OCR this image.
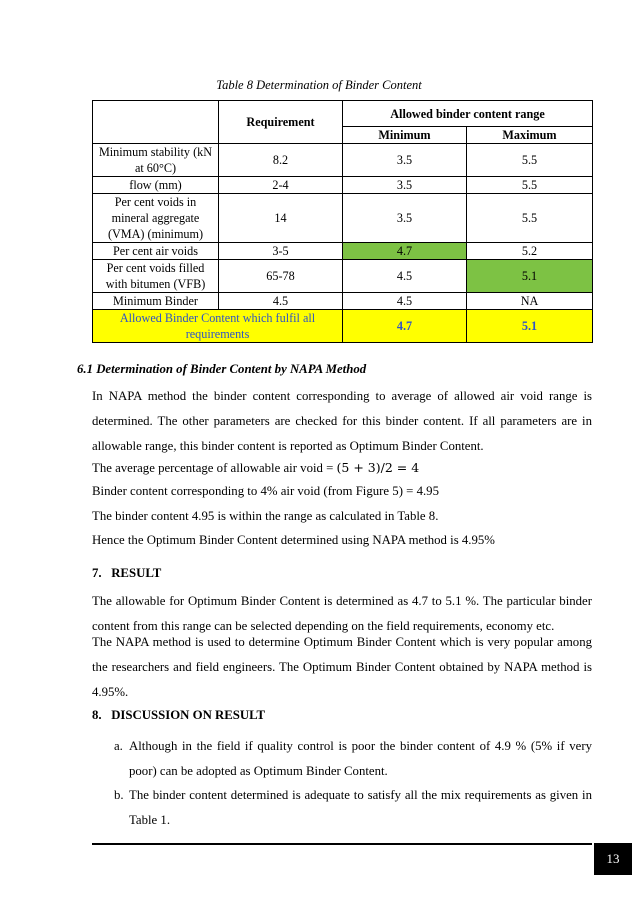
Table 8 Determination of Binder Content
	Requirement	Allowed binder content range	
		Minimum	Maximum
Minimum stability (kN at 60°C)	8.2	3.5	5.5
flow (mm)	2-4	3.5	5.5
Per cent voids in mineral aggregate (VMA) (minimum)	14	3.5	5.5
Per cent air voids	3-5	4.7	5.2
Per cent voids filled with bitumen (VFB)	65-78	4.5	5.1
Minimum Binder	4.5	4.5	NA
Allowed Binder Content which fulfil all requirements		4.7	5.1
6.1 Determination of Binder Content by NAPA Method
In NAPA method the binder content corresponding to average of allowed air void range is determined. The other parameters are checked for this binder content. If all parameters are in allowable range, this binder content is reported as Optimum Binder Content.
The average percentage of allowable air void = (5 + 3)/2 = 4
Binder content corresponding to 4% air void (from Figure 5) = 4.95
The binder content 4.95 is within the range as calculated in Table 8.
Hence the Optimum Binder Content determined using NAPA method is 4.95%
7.   RESULT
The allowable for Optimum Binder Content is determined as 4.7 to 5.1 %. The particular binder content from this range can be selected depending on the field requirements, economy etc.
The NAPA method is used to determine Optimum Binder Content which is very popular among the researchers and field engineers. The Optimum Binder Content obtained by NAPA method is 4.95%.
8.   DISCUSSION ON RESULT
a. Although in the field if quality control is poor the binder content of 4.9 % (5% if very poor) can be adopted as Optimum Binder Content.
b. The binder content determined is adequate to satisfy all the mix requirements as given in Table 1.
13
